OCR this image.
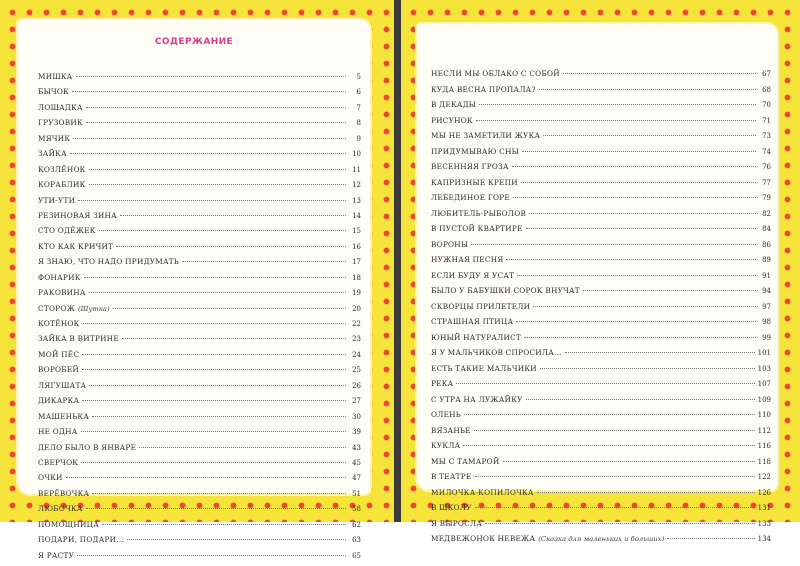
СОДЕРЖАНИЕ
МИШКА	5
БЫЧОК	6
ЛОШАДКА	7
ГРУЗОВИК	8
МЯЧИК	9
ЗАЙКА	10
КОЗЛЁНОК	11
КОРАБЛИК	12
УТИ-УТИ	13
РЕЗИНОВАЯ ЗИНА	14
СТО ОДЁЖЕК	15
КТО КАК КРИЧИТ	16
Я ЗНАЮ, ЧТО НАДО ПРИДУМАТЬ	17
ФОНАРИК	18
РАКОВИНА	19
СТОРОЖ (Шутка)	20
КОТЁНОК	22
ЗАЙКА В ВИТРИНЕ	23
МОЙ ПЁС	24
ВОРОБЕЙ	25
ЛЯГУШАТА	26
ДИКАРКА	27
МАШЕНЬКА	30
НЕ ОДНА	39
ДЕЛО БЫЛО В ЯНВАРЕ	43
СВЕРЧОК	45
ОЧКИ	47
ВЕРЁВОЧКА	51
ЛЮБОЧКА	58
ПОМОЩНИЦА	62
ПОДАРИ, ПОДАРИ...	63
Я РАСТУ	65
НЕСЛИ МЫ ОБЛАКО С СОБОЙ	67
КУДА ВЕСНА ПРОПАЛА?	68
В ДЕКАДЫ	70
РИСУНОК	71
МЫ НЕ ЗАМЕТИЛИ ЖУКА	73
ПРИДУМЫВАЮ СНЫ	74
ВЕСЕННЯЯ ГРОЗА	76
КАПРИЗНЫЕ КРЕПИ	77
ЛЕБЕДИНОЕ ГОРЕ	79
ЛЮБИТЕЛЬ-РЫБОЛОВ	82
В ПУСТОЙ КВАРТИРЕ	84
ВОРОНЫ	86
НУЖНАЯ ПЕСНЯ	89
ЕСЛИ БУДУ Я УСАТ	91
БЫЛО У БАБУШКИ СОРОК ВНУЧАТ	94
СКВОРЦЫ ПРИЛЕТЕЛИ	97
СТРАШНАЯ ПТИЦА	98
ЮНЫЙ НАТУРАЛИСТ	99
Я У МАЛЬЧИКОВ СПРОСИЛА...	101
ЕСТЬ ТАКИЕ МАЛЬЧИКИ	103
РЕКА	107
С УТРА НА ЛУЖАЙКУ	109
ОЛЕНЬ	110
ВЯЗАНЬЕ	112
КУКЛА	116
МЫ С ТАМАРОЙ	118
В ТЕАТРЕ	122
МИЛОЧКА-КОПИЛОЧКА	126
В ШКОЛУ	131
Я ВЫРОСЛА	133
МЕДВЕЖОНОК НЕВЕЖА (Сказка для маленьких и больших)	134
